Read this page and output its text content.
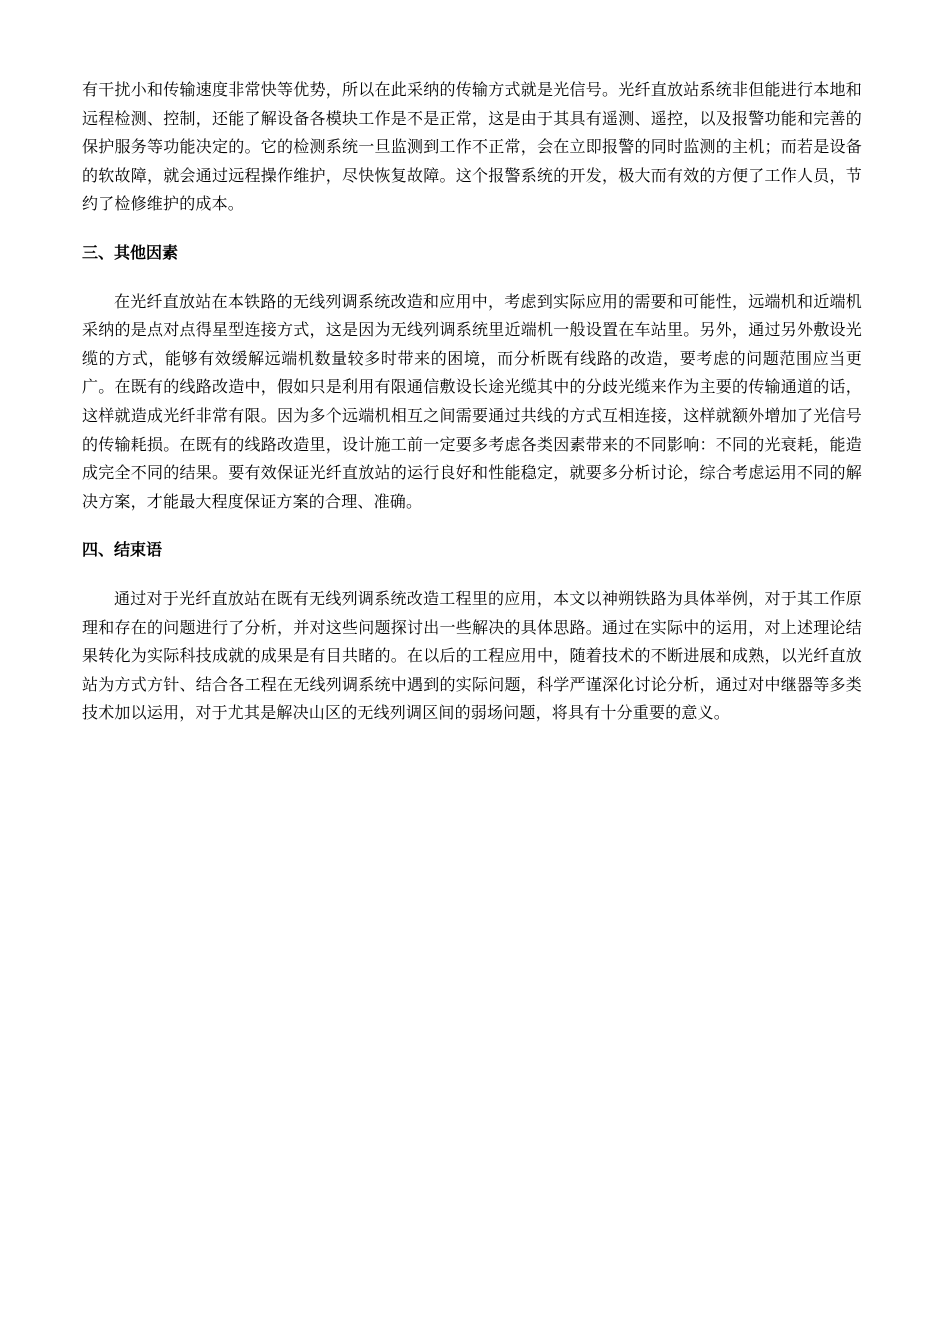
有干扰小和传输速度非常快等优势，所以在此采纳的传输方式就是光信号。光纤直放站系统非但能进行本地和远程检测、控制，还能了解设备各模块工作是不是正常，这是由于其具有遥测、遥控，以及报警功能和完善的保护服务等功能决定的。它的检测系统一旦监测到工作不正常，会在立即报警的同时监测的主机；而若是设备的软故障，就会通过远程操作维护，尽快恢复故障。这个报警系统的开发，极大而有效的方便了工作人员，节约了检修维护的成本。

三、其他因素

在光纤直放站在本铁路的无线列调系统改造和应用中，考虑到实际应用的需要和可能性，远端机和近端机采纳的是点对点得星型连接方式，这是因为无线列调系统里近端机一般设置在车站里。另外，通过另外敷设光缆的方式，能够有效缓解远端机数量较多时带来的困境，而分析既有线路的改造，要考虑的问题范围应当更广。在既有的线路改造中，假如只是利用有限通信敷设长途光缆其中的分歧光缆来作为主要的传输通道的话，这样就造成光纤非常有限。因为多个远端机相互之间需要通过共线的方式互相连接，这样就额外增加了光信号的传输耗损。在既有的线路改造里，设计施工前一定要多考虑各类因素带来的不同影响：不同的光衰耗，能造成完全不同的结果。要有效保证光纤直放站的运行良好和性能稳定，就要多分析讨论，综合考虑运用不同的解决方案，才能最大程度保证方案的合理、准确。

四、结束语

通过对于光纤直放站在既有无线列调系统改造工程里的应用，本文以神朔铁路为具体举例，对于其工作原理和存在的问题进行了分析，并对这些问题探讨出一些解决的具体思路。通过在实际中的运用，对上述理论结果转化为实际科技成就的成果是有目共睹的。在以后的工程应用中，随着技术的不断进展和成熟，以光纤直放站为方式方针、结合各工程在无线列调系统中遇到的实际问题，科学严谨深化讨论分析，通过对中继器等多类技术加以运用，对于尤其是解决山区的无线列调区间的弱场问题，将具有十分重要的意义。
